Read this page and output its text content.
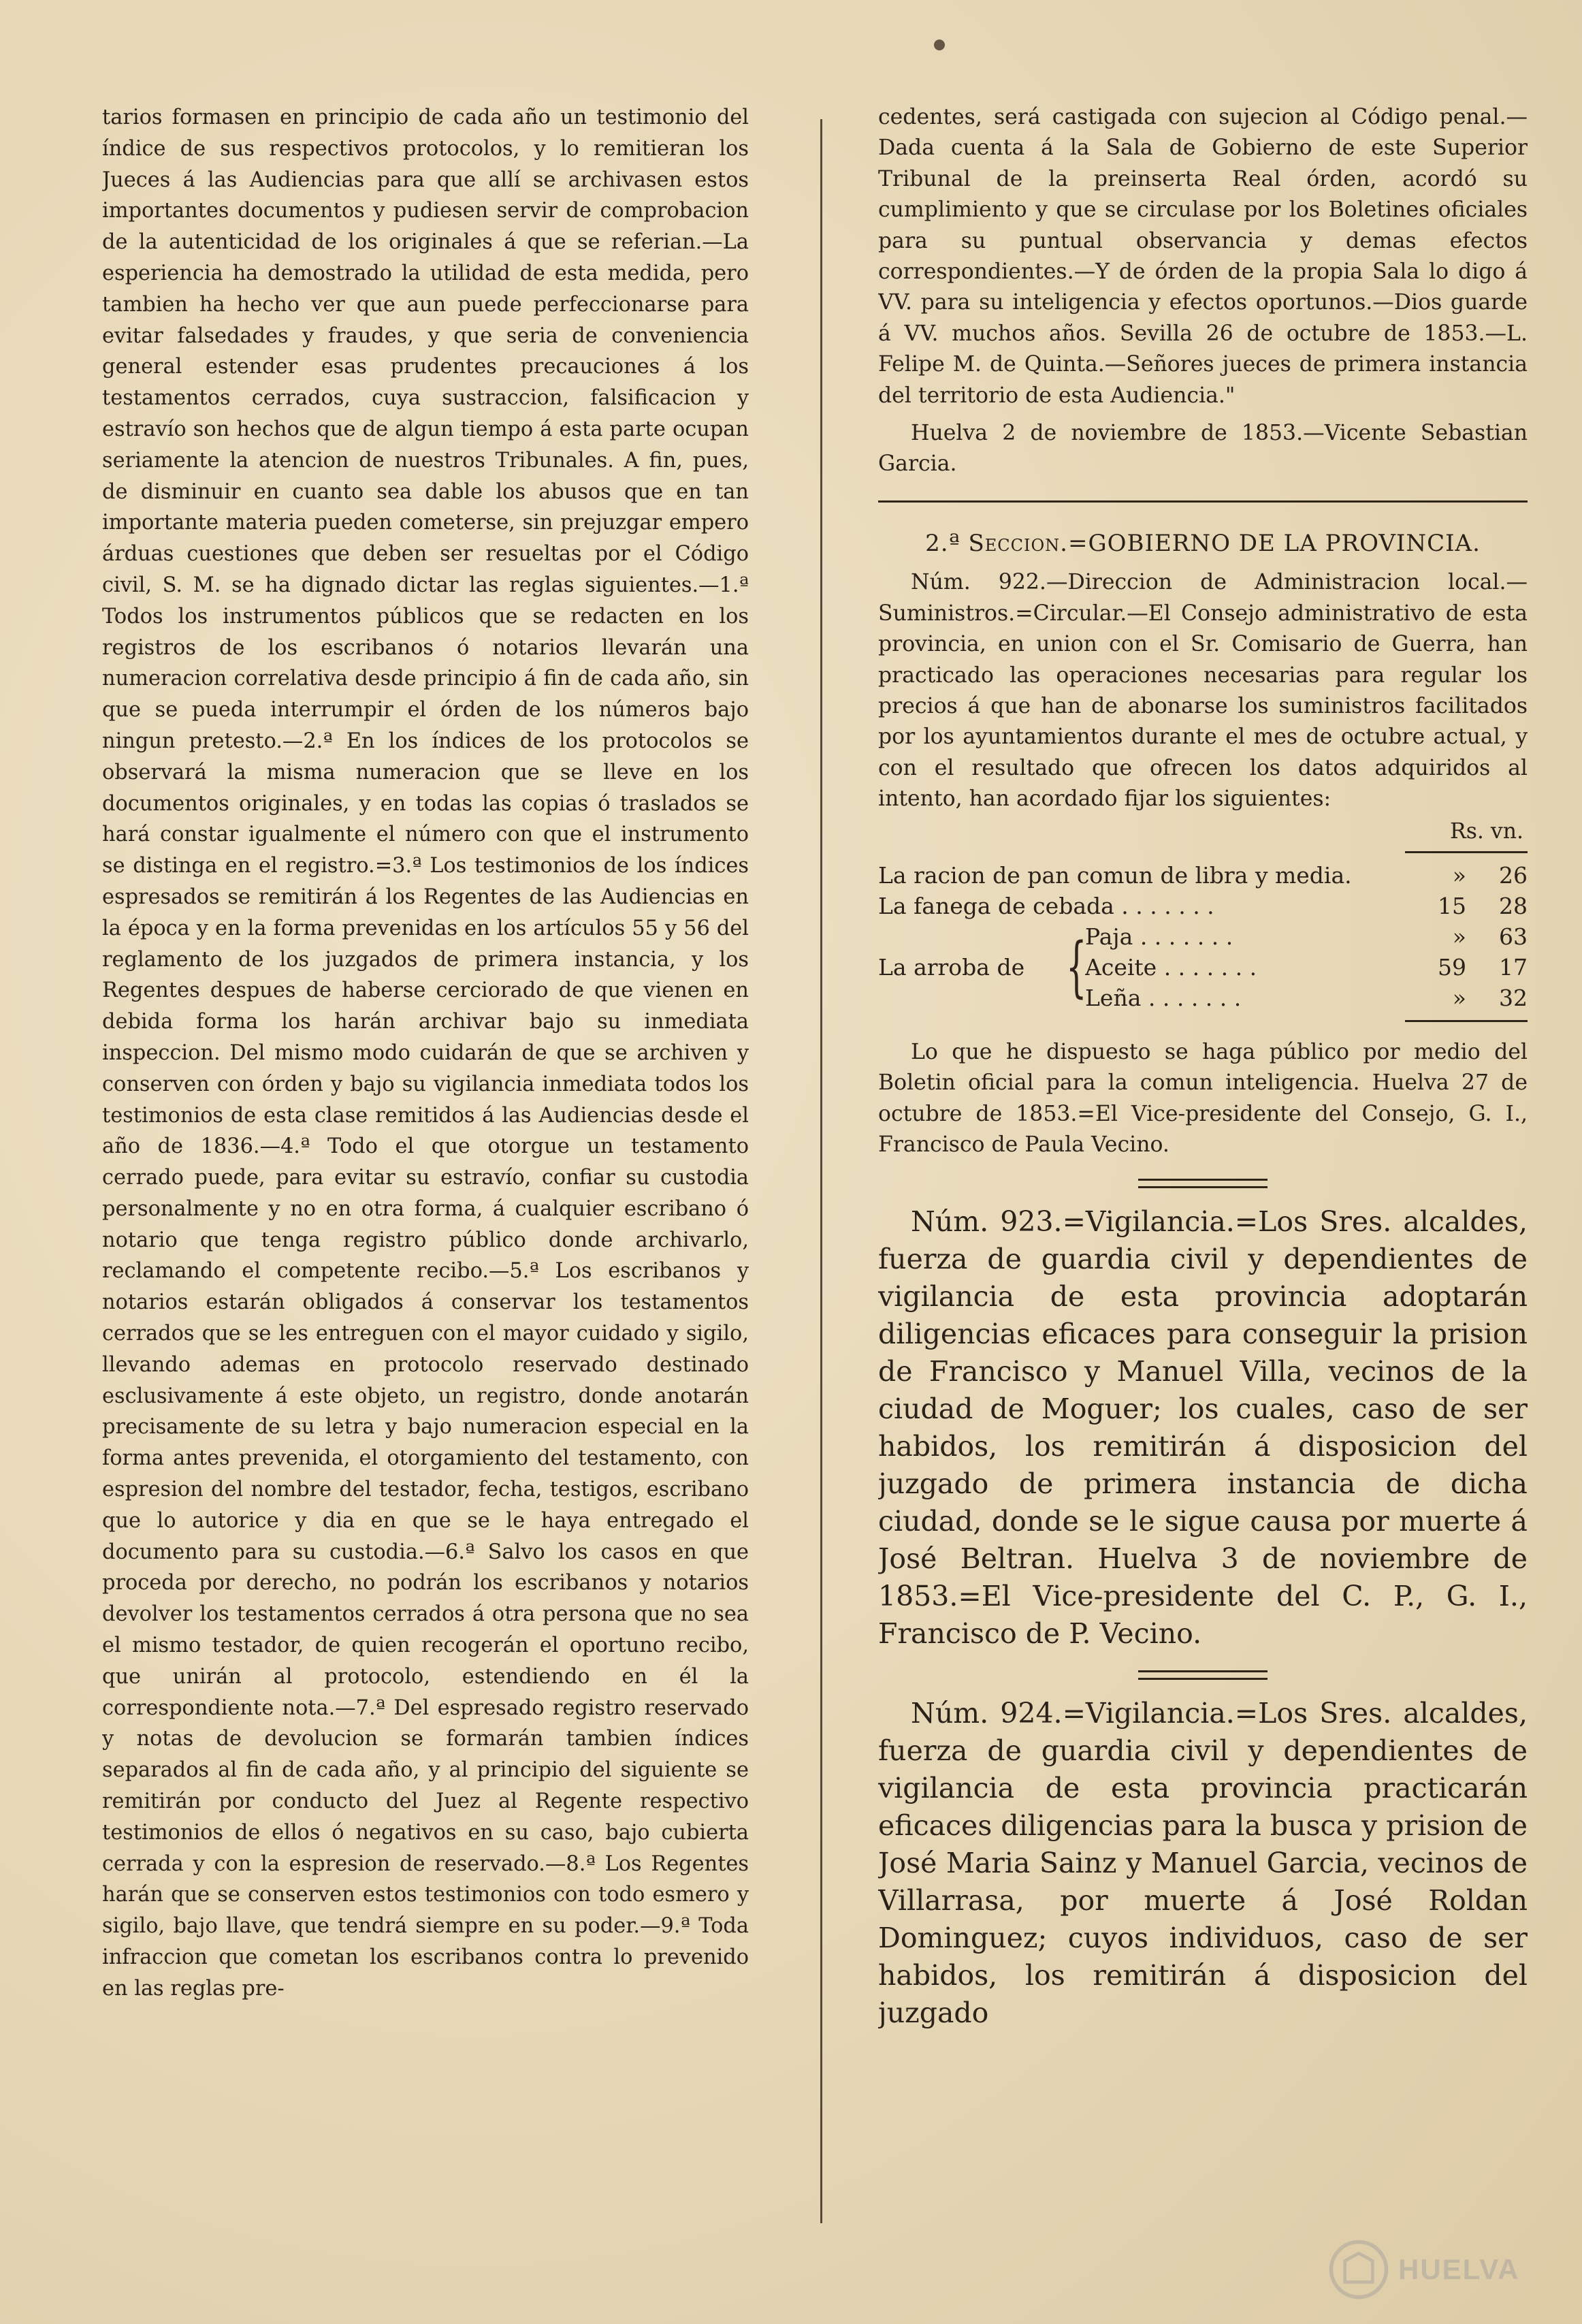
tarios formasen en principio de cada año un testimonio del índice de sus respectivos protocolos, y lo remitieran los Jueces á las Audiencias para que allí se archivasen estos importantes documentos y pudiesen servir de comprobacion de la autenticidad de los originales á que se referian.—La esperiencia ha demostrado la utilidad de esta medida, pero tambien ha hecho ver que aun puede perfeccionarse para evitar falsedades y fraudes, y que seria de conveniencia general estender esas prudentes precauciones á los testamentos cerrados, cuya sustraccion, falsificacion y estravío son hechos que de algun tiempo á esta parte ocupan seriamente la atencion de nuestros Tribunales. A fin, pues, de disminuir en cuanto sea dable los abusos que en tan importante materia pueden cometerse, sin prejuzgar empero árduas cuestiones que deben ser resueltas por el Código civil, S. M. se ha dignado dictar las reglas siguientes.—1.ª Todos los instrumentos públicos que se redacten en los registros de los escribanos ó notarios llevarán una numeracion correlativa desde principio á fin de cada año, sin que se pueda interrumpir el órden de los números bajo ningun pretesto.—2.ª En los índices de los protocolos se observará la misma numeracion que se lleve en los documentos originales, y en todas las copias ó traslados se hará constar igualmente el número con que el instrumento se distinga en el registro.=3.ª Los testimonios de los índices espresados se remitirán á los Regentes de las Audiencias en la época y en la forma prevenidas en los artículos 55 y 56 del reglamento de los juzgados de primera instancia, y los Regentes despues de haberse cerciorado de que vienen en debida forma los harán archivar bajo su inmediata inspeccion. Del mismo modo cuidarán de que se archiven y conserven con órden y bajo su vigilancia inmediata todos los testimonios de esta clase remitidos á las Audiencias desde el año de 1836.—4.ª Todo el que otorgue un testamento cerrado puede, para evitar su estravío, confiar su custodia personalmente y no en otra forma, á cualquier escribano ó notario que tenga registro público donde archivarlo, reclamando el competente recibo.—5.ª Los escribanos y notarios estarán obligados á conservar los testamentos cerrados que se les entreguen con el mayor cuidado y sigilo, llevando ademas en protocolo reservado destinado esclusivamente á este objeto, un registro, donde anotarán precisamente de su letra y bajo numeracion especial en la forma antes prevenida, el otorgamiento del testamento, con espresion del nombre del testador, fecha, testigos, escribano que lo autorice y dia en que se le haya entregado el documento para su custodia.—6.ª Salvo los casos en que proceda por derecho, no podrán los escribanos y notarios devolver los testamentos cerrados á otra persona que no sea el mismo testador, de quien recogerán el oportuno recibo, que unirán al protocolo, estendiendo en él la correspondiente nota.—7.ª Del espresado registro reservado y notas de devolucion se formarán tambien índices separados al fin de cada año, y al principio del siguiente se remitirán por conducto del Juez al Regente respectivo testimonios de ellos ó negativos en su caso, bajo cubierta cerrada y con la espresion de reservado.—8.ª Los Regentes harán que se conserven estos testimonios con todo esmero y sigilo, bajo llave, que tendrá siempre en su poder.—9.ª Toda infraccion que cometan los escribanos contra lo prevenido en las reglas pre-

cedentes, será castigada con sujecion al Código penal.—Dada cuenta á la Sala de Gobierno de este Superior Tribunal de la preinserta Real órden, acordó su cumplimiento y que se circulase por los Boletines oficiales para su puntual observancia y demas efectos correspondientes.—Y de órden de la propia Sala lo digo á VV. para su inteligencia y efectos oportunos.—Dios guarde á VV. muchos años. Sevilla 26 de octubre de 1853.—L. Felipe M. de Quinta.—Señores jueces de primera instancia del territorio de esta Audiencia."

Huelva 2 de noviembre de 1853.—Vicente Sebastian Garcia.

2.ª Seccion.=GOBIERNO DE LA PROVINCIA.

Núm. 922.—Direccion de Administracion local.—Suministros.=Circular.—El Consejo administrativo de esta provincia, en union con el Sr. Comisario de Guerra, han practicado las operaciones necesarias para regular los precios á que han de abonarse los suministros facilitados por los ayuntamientos durante el mes de octubre actual, y con el resultado que ofrecen los datos adquiridos al intento, han acordado fijar los siguientes:

Rs. vn.
La racion de pan comun de libra y media.	»	26
La fanega de cebada . . . . . . .	15	28
La arroba de {
Paja . . . . . . .	»	63
Aceite . . . . . . .	59	17
Leña . . . . . . .	»	32

Lo que he dispuesto se haga público por medio del Boletin oficial para la comun inteligencia. Huelva 27 de octubre de 1853.=El Vice-presidente del Consejo, G. I., Francisco de Paula Vecino.

Núm. 923.=Vigilancia.=Los Sres. alcaldes, fuerza de guardia civil y dependientes de vigilancia de esta provincia adoptarán diligencias eficaces para conseguir la prision de Francisco y Manuel Villa, vecinos de la ciudad de Moguer; los cuales, caso de ser habidos, los remitirán á disposicion del juzgado de primera instancia de dicha ciudad, donde se le sigue causa por muerte á José Beltran. Huelva 3 de noviembre de 1853.=El Vice-presidente del C. P., G. I., Francisco de P. Vecino.

Núm. 924.=Vigilancia.=Los Sres. alcaldes, fuerza de guardia civil y dependientes de vigilancia de esta provincia practicarán eficaces diligencias para la busca y prision de José Maria Sainz y Manuel Garcia, vecinos de Villarrasa, por muerte á José Roldan Dominguez; cuyos individuos, caso de ser habidos, los remitirán á disposicion del juzgado

HUELVA
